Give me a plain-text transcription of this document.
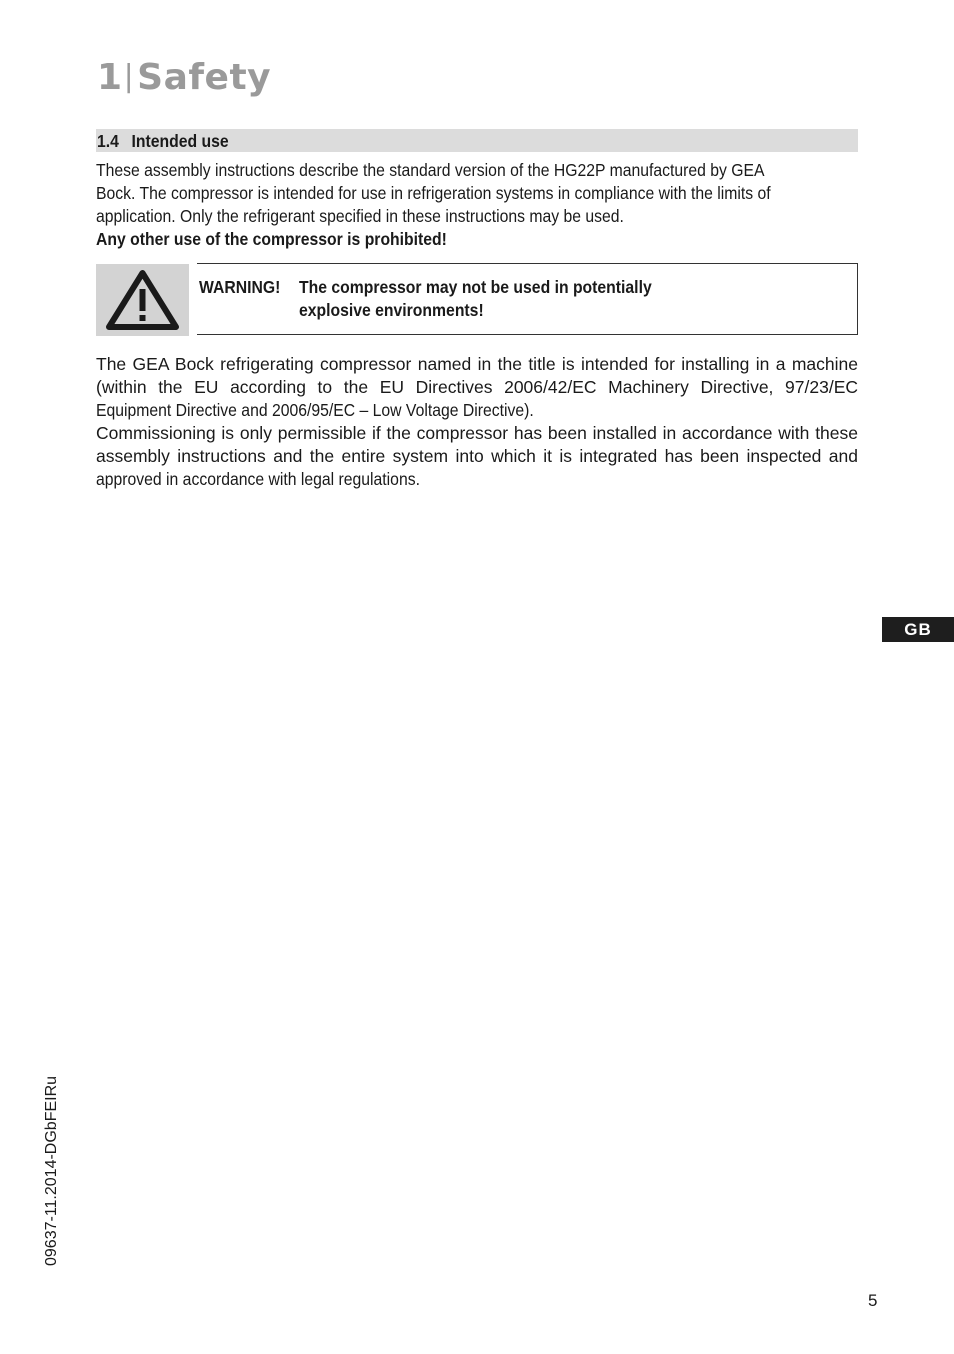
1|Safety
1.4 Intended use
These assembly instructions describe the standard version of the HG22P manufactured by GEA
Bock. The compressor is intended for use in refrigeration systems in compliance with the limits of
application. Only the refrigerant specified in these instructions may be used.
Any other use of the compressor is prohibited!
WARNING! The compressor may not be used in potentially
explosive environments!
The GEA Bock refrigerating compressor named in the title is intended for installing in a machine
(within the EU according to the EU Directives 2006/42/EC Machinery Directive, 97/23/EC
Equipment Directive and 2006/95/EC – Low Voltage Directive).
Commissioning is only permissible if the compressor has been installed in accordance with these
assembly instructions and the entire system into which it is integrated has been inspected and
approved in accordance with legal regulations.
GB
09637-11.2014-DGbFEIRu
5
